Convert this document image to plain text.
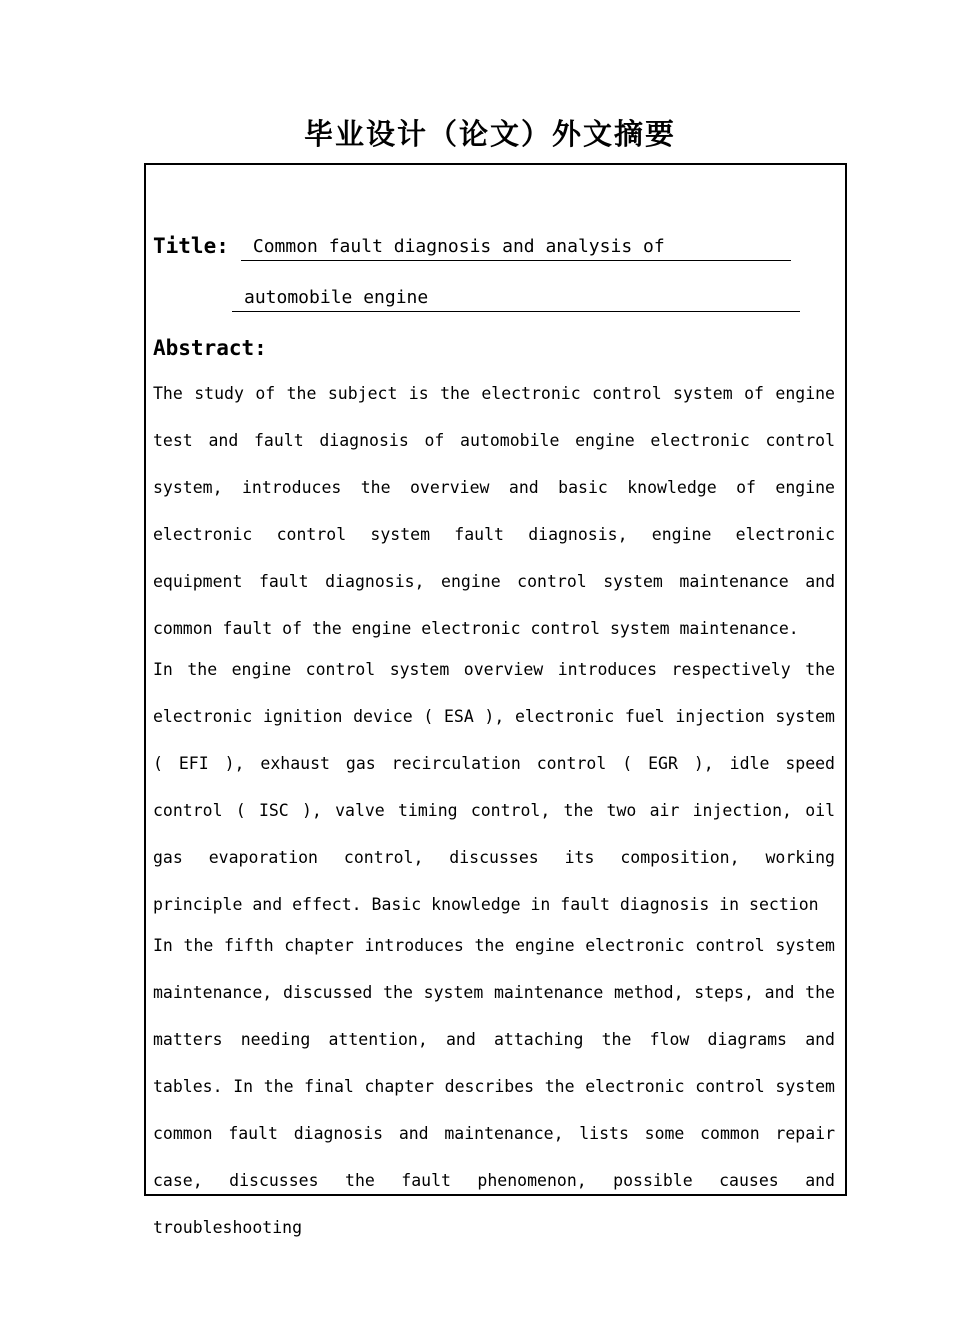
毕业设计（论文）外文摘要
Title:	Common fault diagnosis and analysis of
automobile engine
Abstract:

The study of the subject is the electronic control system of engine test and fault diagnosis of automobile engine electronic control system, introduces the overview and basic knowledge of engine electronic control system fault diagnosis, engine electronic equipment fault diagnosis, engine control system maintenance and common fault of the engine electronic control system maintenance.

In the engine control system overview introduces respectively the electronic ignition device ( ESA ), electronic fuel injection system ( EFI ), exhaust gas recirculation control ( EGR ), idle speed control ( ISC ), valve timing control, the two air injection, oil gas evaporation control, discusses its composition, working principle and effect. Basic knowledge in fault diagnosis in section

In the fifth chapter introduces the engine electronic control system maintenance, discussed the system maintenance method, steps, and the matters needing attention, and attaching the flow diagrams and tables. In the final chapter describes the electronic control system common fault diagnosis and maintenance, lists some common repair case, discusses the fault phenomenon, possible causes and troubleshooting
